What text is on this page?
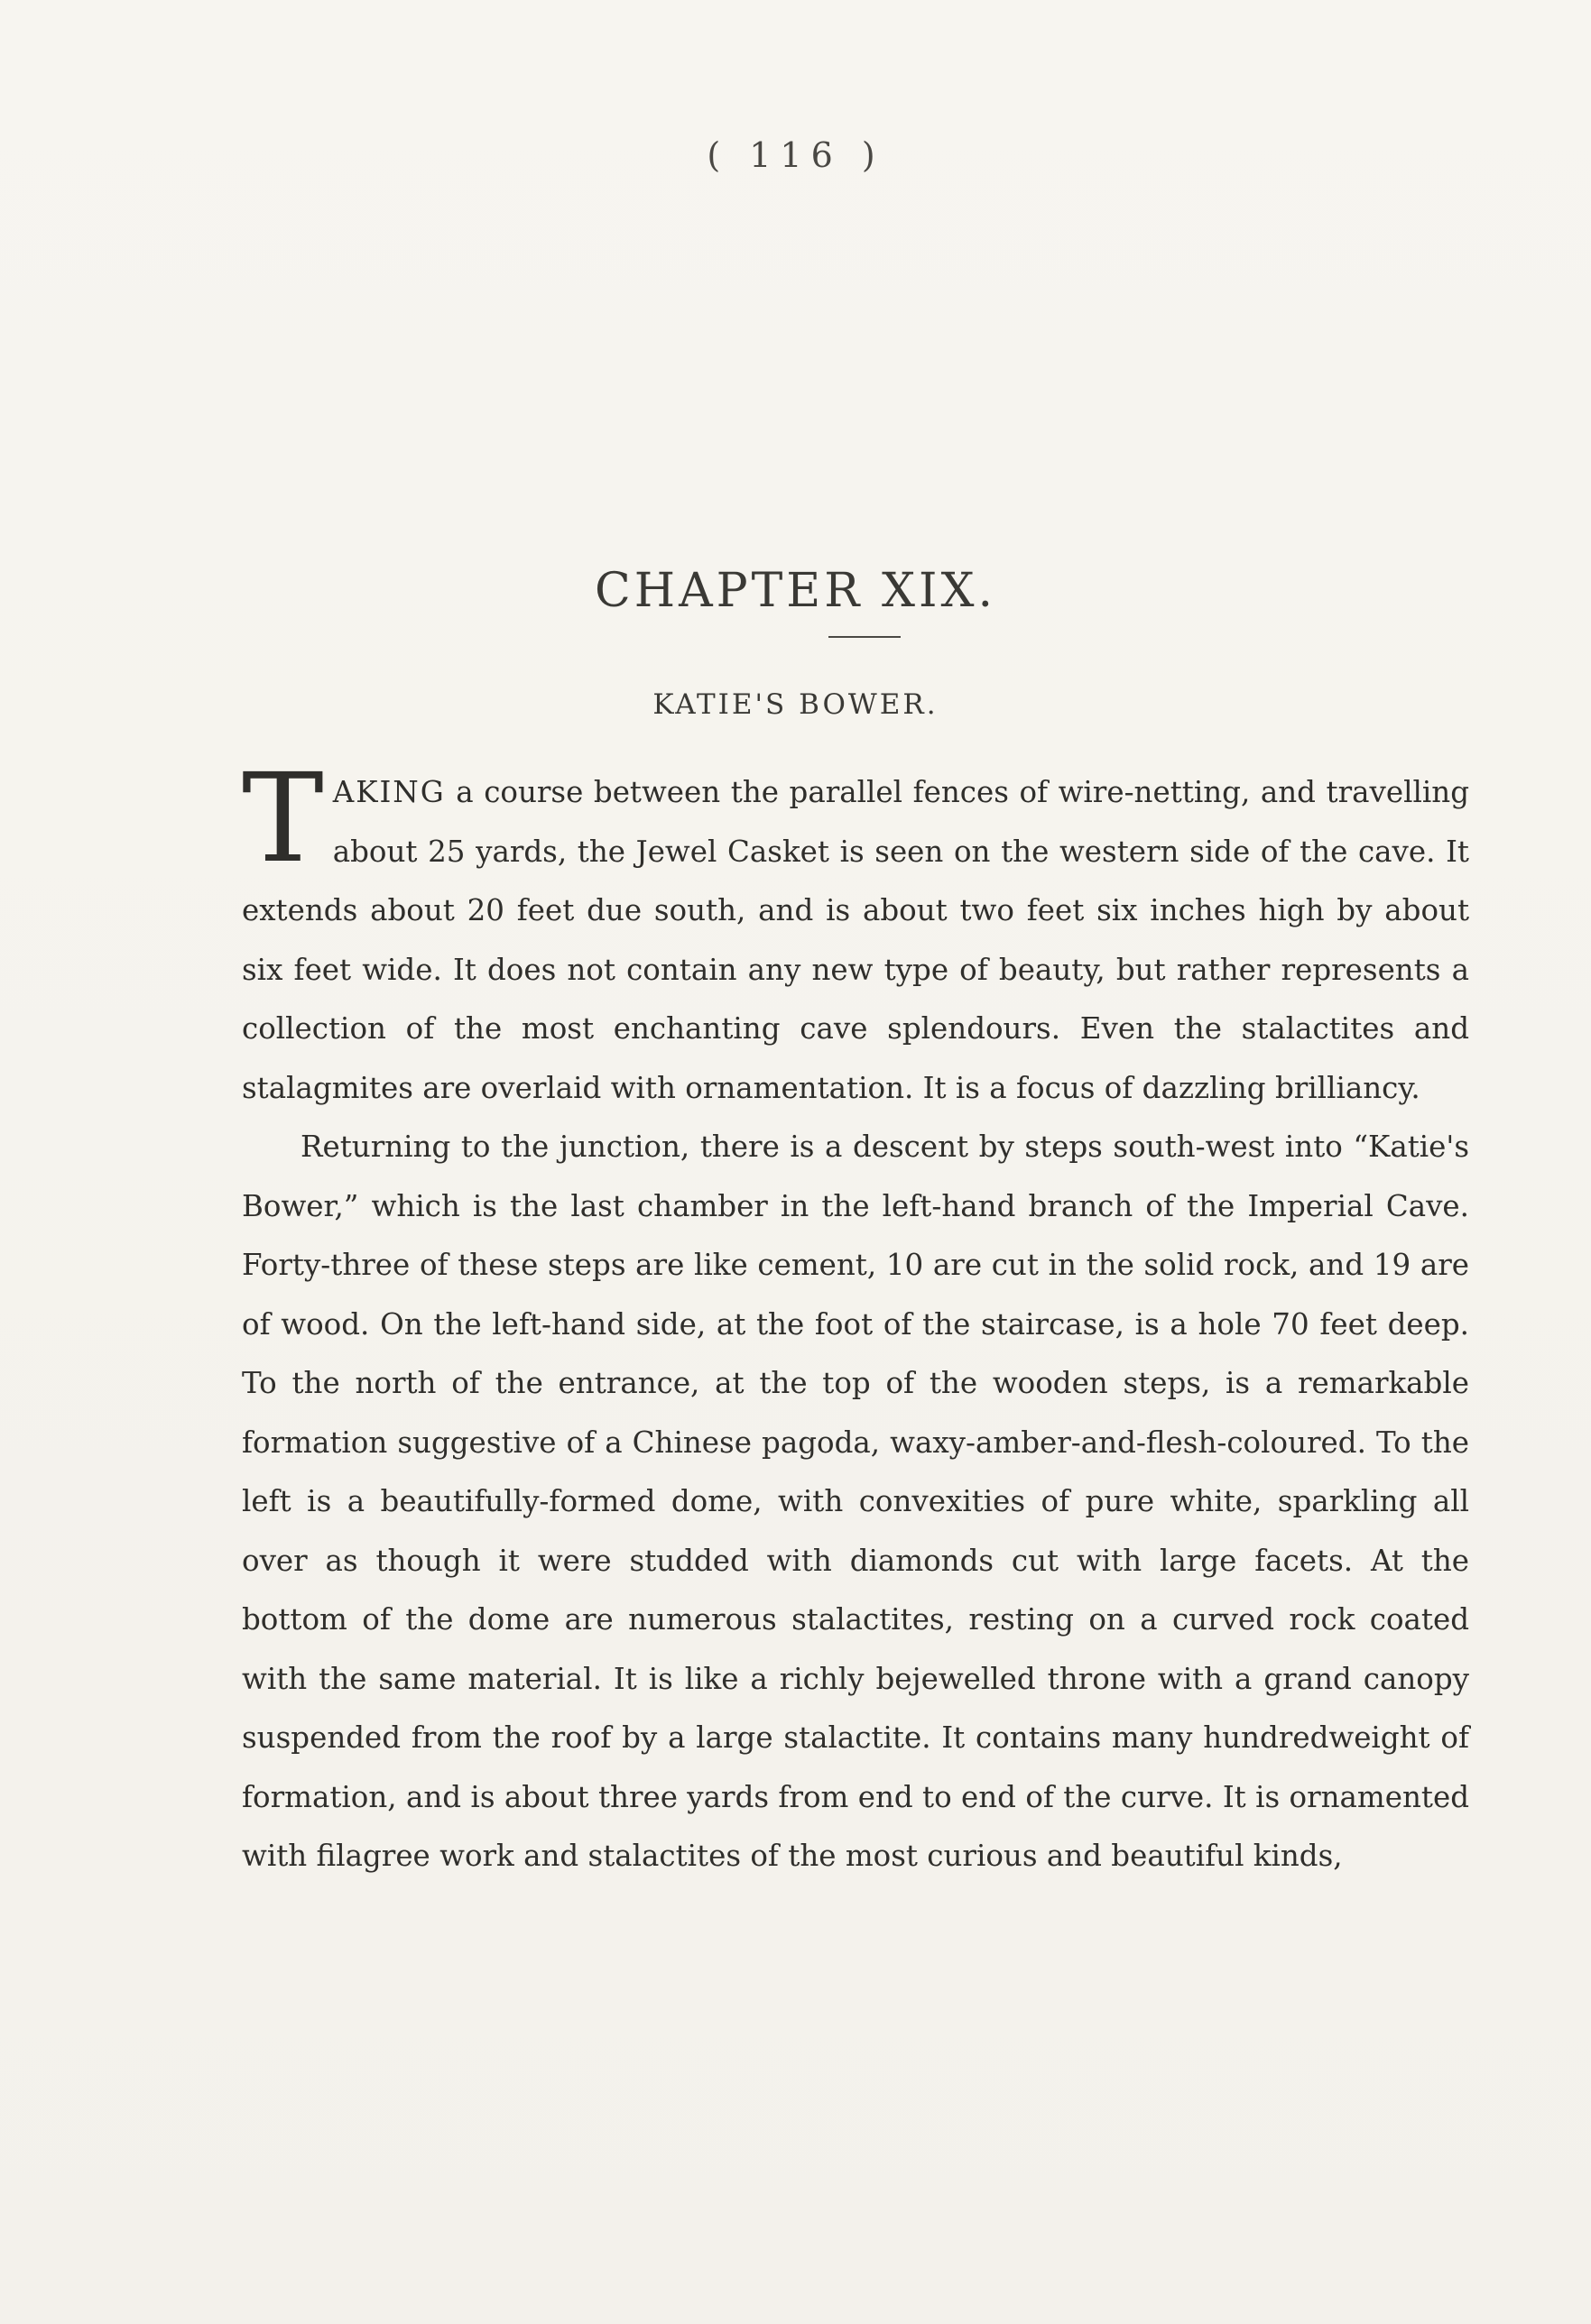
( 116 )
CHAPTER XIX.
KATIE'S BOWER.

TAKING a course between the parallel fences of wire-netting, and travelling about 25 yards, the Jewel Casket is seen on the western side of the cave. It extends about 20 feet due south, and is about two feet six inches high by about six feet wide. It does not contain any new type of beauty, but rather represents a collection of the most enchanting cave splendours. Even the stalactites and stalagmites are overlaid with ornamentation. It is a focus of dazzling brilliancy.

Returning to the junction, there is a descent by steps south-west into “Katie's Bower,” which is the last chamber in the left-hand branch of the Imperial Cave. Forty-three of these steps are like cement, 10 are cut in the solid rock, and 19 are of wood. On the left-hand side, at the foot of the staircase, is a hole 70 feet deep. To the north of the entrance, at the top of the wooden steps, is a remarkable formation suggestive of a Chinese pagoda, waxy-amber-and-flesh-coloured. To the left is a beautifully-formed dome, with convexities of pure white, sparkling all over as though it were studded with diamonds cut with large facets. At the bottom of the dome are numerous stalactites, resting on a curved rock coated with the same material. It is like a richly bejewelled throne with a grand canopy suspended from the roof by a large stalactite. It contains many hundredweight of formation, and is about three yards from end to end of the curve. It is ornamented with filagree work and stalactites of the most curious and beautiful kinds,
